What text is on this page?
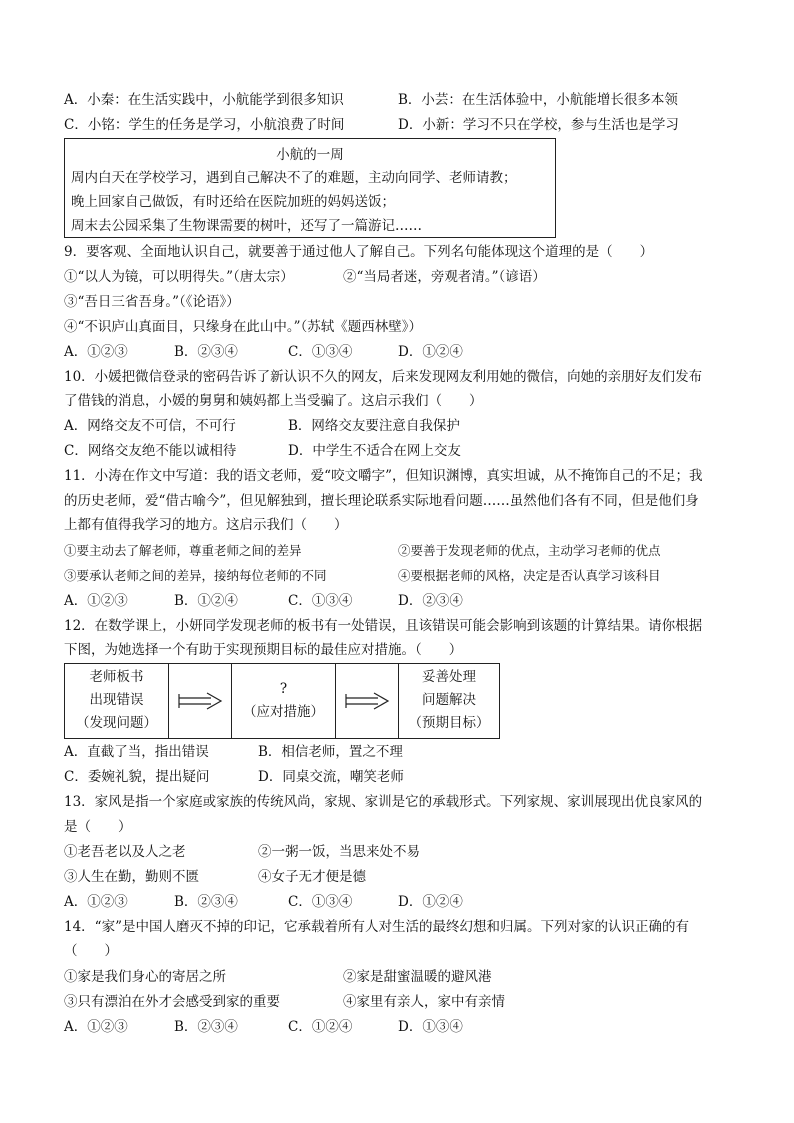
A．小秦：在生活实践中，小航能学到很多知识	B．小芸：在生活体验中，小航能增长很多本领
C．小铭：学生的任务是学习，小航浪费了时间	D．小新：学习不只在学校，参与生活也是学习
小航的一周
周内白天在学校学习，遇到自己解决不了的难题，主动向同学、老师请教；
晚上回家自己做饭，有时还给在医院加班的妈妈送饭；
周末去公园采集了生物课需要的树叶，还写了一篇游记……
9．要客观、全面地认识自己，就要善于通过他人了解自己。下列名句能体现这个道理的是（　　）
①“以人为镜，可以明得失。”（唐太宗）	②“当局者迷，旁观者清。”（谚语）
③“吾日三省吾身。”（《论语》）
④“不识庐山真面目，只缘身在此山中。”（苏轼《题西林壁》）
A．①②③	B．②③④	C．①③④	D．①②④
10．小媛把微信登录的密码告诉了新认识不久的网友，后来发现网友利用她的微信，向她的亲朋好友们发布
了借钱的消息，小媛的舅舅和姨妈都上当受骗了。这启示我们（　　）
A．网络交友不可信，不可行	B．网络交友要注意自我保护
C．网络交友绝不能以诚相待	D．中学生不适合在网上交友
11．小涛在作文中写道：我的语文老师，爱“咬文嚼字”，但知识渊博，真实坦诚，从不掩饰自己的不足；我
的历史老师，爱“借古喻今”，但见解独到，擅长理论联系实际地看问题……虽然他们各有不同，但是他们身
上都有值得我学习的地方。这启示我们（　　）
①要主动去了解老师，尊重老师之间的差异	②要善于发现老师的优点，主动学习老师的优点
③要承认老师之间的差异，接纳每位老师的不同	④要根据老师的风格，决定是否认真学习该科目
A．①②③	B．①②④	C．①③④	D．②③④
12．在数学课上，小妍同学发现老师的板书有一处错误，且该错误可能会影响到该题的计算结果。请你根据
下图，为她选择一个有助于实现预期目标的最佳应对措施。（　　）
老师板书
出现错误
（发现问题）
?
（应对措施）
妥善处理
问题解决
（预期目标）
A．直截了当，指出错误	B．相信老师，置之不理
C．委婉礼貌，提出疑问	D．同桌交流，嘲笑老师
13．家风是指一个家庭或家族的传统风尚，家规、家训是它的承载形式。下列家规、家训展现出优良家风的
是（　　）
①老吾老以及人之老	②一粥一饭，当思来处不易
③人生在勤，勤则不匮	④女子无才便是德
A．①②③	B．②③④	C．①③④	D．①②④
14．“家”是中国人磨灭不掉的印记，它承载着所有人对生活的最终幻想和归属。下列对家的认识正确的有
（　　）
①家是我们身心的寄居之所	②家是甜蜜温暖的避风港
③只有漂泊在外才会感受到家的重要	④家里有亲人，家中有亲情
A．①②③	B．②③④	C．①②④	D．①③④
